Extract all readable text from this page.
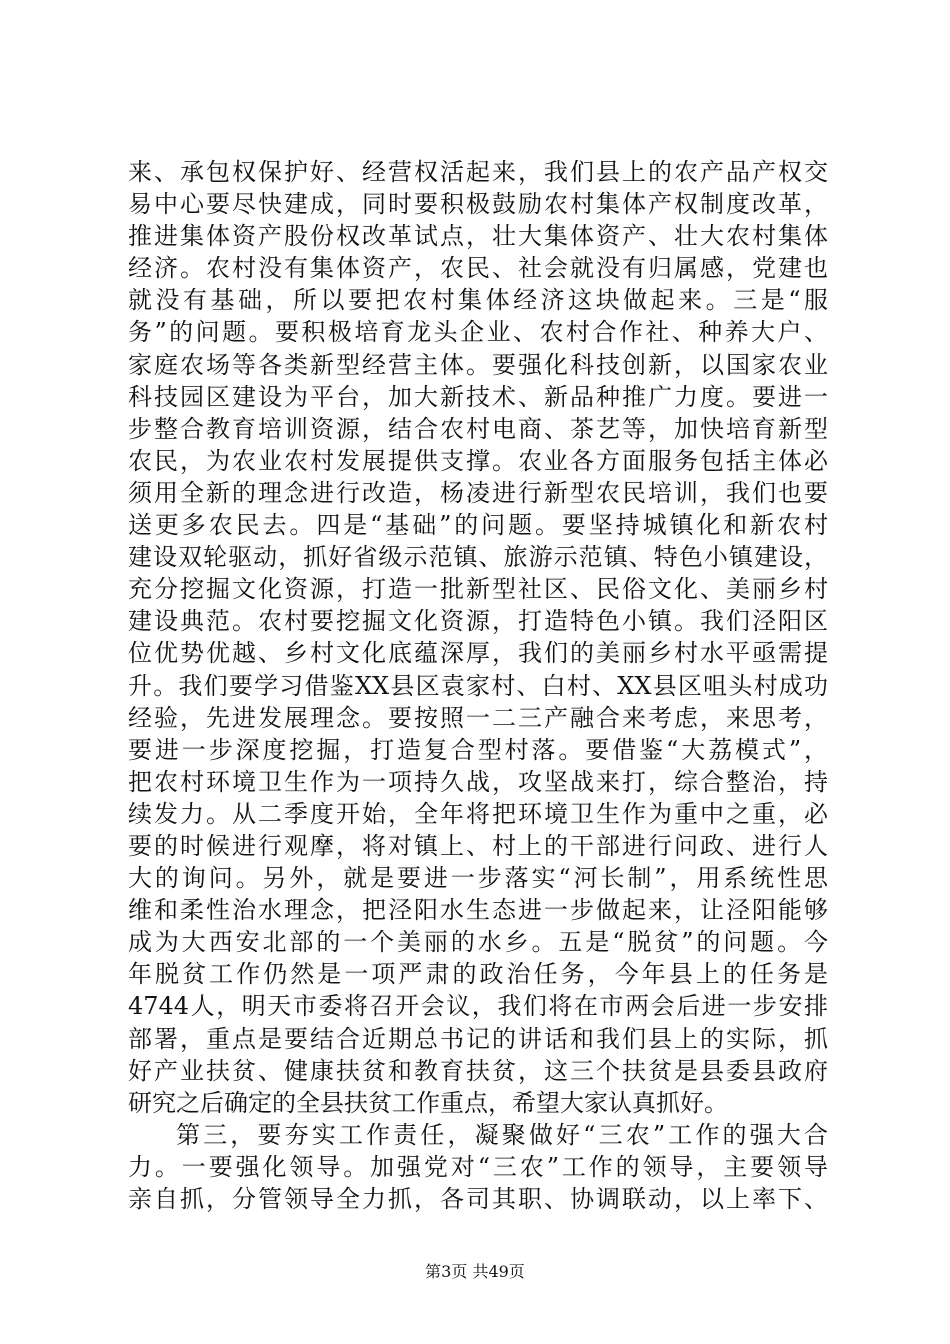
来、承包权保护好、经营权活起来，我们县上的农产品产权交
易中心要尽快建成，同时要积极鼓励农村集体产权制度改革，
推进集体资产股份权改革试点，壮大集体资产、壮大农村集体
经济。农村没有集体资产，农民、社会就没有归属感，党建也
就没有基础，所以要把农村集体经济这块做起来。三是“服
务”的问题。要积极培育龙头企业、农村合作社、种养大户、
家庭农场等各类新型经营主体。要强化科技创新，以国家农业
科技园区建设为平台，加大新技术、新品种推广力度。要进一
步整合教育培训资源，结合农村电商、茶艺等，加快培育新型
农民，为农业农村发展提供支撑。农业各方面服务包括主体必
须用全新的理念进行改造，杨凌进行新型农民培训，我们也要
送更多农民去。四是“基础”的问题。要坚持城镇化和新农村
建设双轮驱动，抓好省级示范镇、旅游示范镇、特色小镇建设，
充分挖掘文化资源，打造一批新型社区、民俗文化、美丽乡村
建设典范。农村要挖掘文化资源，打造特色小镇。我们泾阳区
位优势优越、乡村文化底蕴深厚，我们的美丽乡村水平亟需提
升。我们要学习借鉴XX县区袁家村、白村、XX县区咀头村成功
经验，先进发展理念。要按照一二三产融合来考虑，来思考，
要进一步深度挖掘，打造复合型村落。要借鉴“大荔模式”，
把农村环境卫生作为一项持久战，攻坚战来打，综合整治，持
续发力。从二季度开始，全年将把环境卫生作为重中之重，必
要的时候进行观摩，将对镇上、村上的干部进行问政、进行人
大的询问。另外，就是要进一步落实“河长制”，用系统性思
维和柔性治水理念，把泾阳水生态进一步做起来，让泾阳能够
成为大西安北部的一个美丽的水乡。五是“脱贫”的问题。今
年脱贫工作仍然是一项严肃的政治任务，今年县上的任务是
4744人，明天市委将召开会议，我们将在市两会后进一步安排
部署，重点是要结合近期总书记的讲话和我们县上的实际，抓
好产业扶贫、健康扶贫和教育扶贫，这三个扶贫是县委县政府
研究之后确定的全县扶贫工作重点，希望大家认真抓好。
第三，要夯实工作责任，凝聚做好“三农”工作的强大合
力。一要强化领导。加强党对“三农”工作的领导，主要领导
亲自抓，分管领导全力抓，各司其职、协调联动，以上率下、
第3页 共49页
